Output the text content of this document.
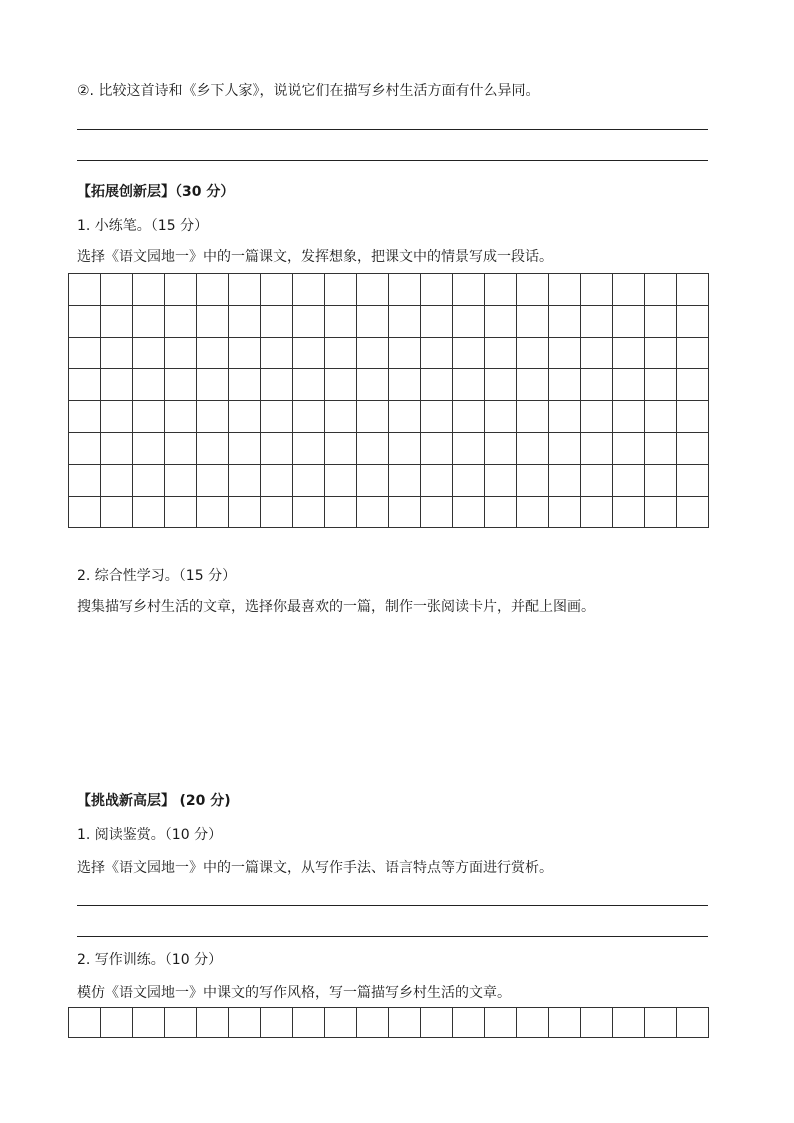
②. 比较这首诗和《乡下人家》，说说它们在描写乡村生活方面有什么异同。
【拓展创新层】（30 分）
1. 小练笔。（15 分）
选择《语文园地一》中的一篇课文，发挥想象，把课文中的情景写成一段话。

2. 综合性学习。（15 分）
搜集描写乡村生活的文章，选择你最喜欢的一篇，制作一张阅读卡片，并配上图画。
【挑战新高层】 (20 分)
1. 阅读鉴赏。（10 分）
选择《语文园地一》中的一篇课文，从写作手法、语言特点等方面进行赏析。
2. 写作训练。（10 分）
模仿《语文园地一》中课文的写作风格，写一篇描写乡村生活的文章。
